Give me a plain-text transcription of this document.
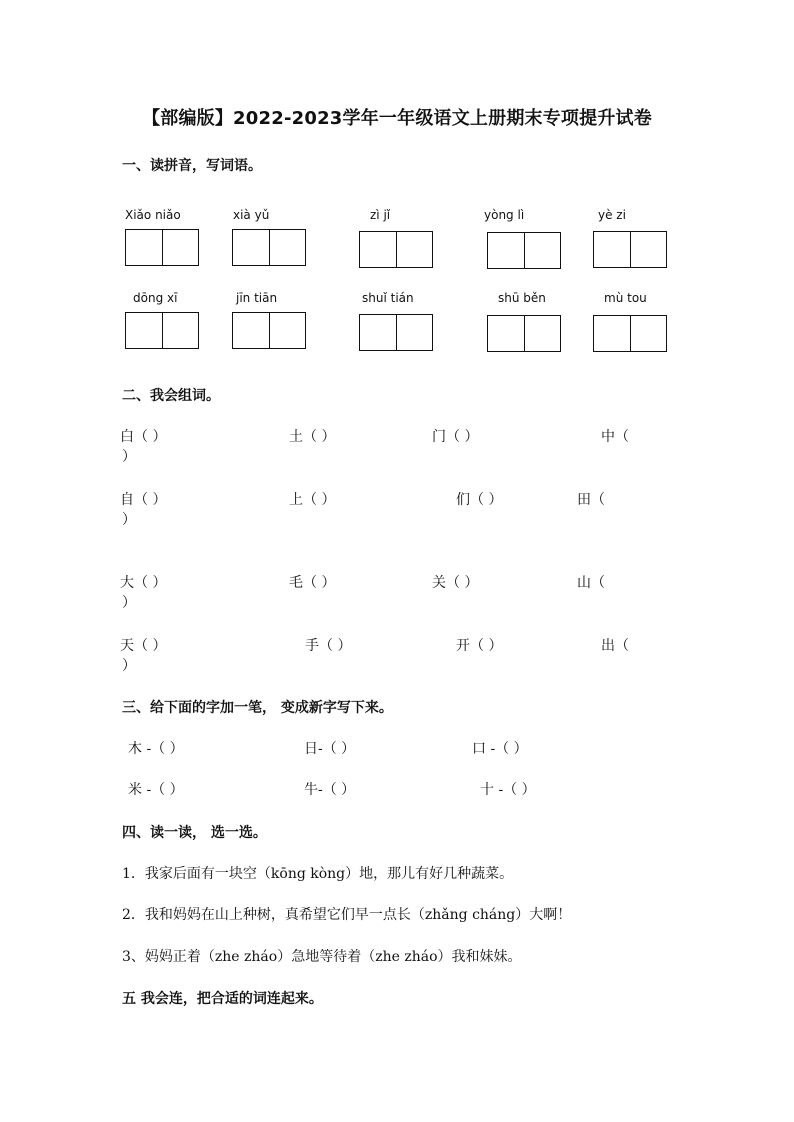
【部编版】2022-2023学年一年级语文上册期末专项提升试卷
一、读拼音，写词语。
Xiǎo niǎo	xià yǔ	zì jǐ	yòng lì	yè zi
dōng xī	jīn tiān	shuǐ tián	shū běn	mù tou
二、我会组词。
白（ ）	土（ ）	门（ ）	中（
）
自（ ）	上（ ）	们（ ）	田（
）
大（ ）	毛（ ）	关（ ）	山（
）
天（ ）	手（ ）	开（ ）	出（
）
三、给下面的字加一笔， 变成新字写下来。
木 -（ ）	日-（ ）	口 -（ ）
米 -（ ）	牛-（ ）	十 -（ ）
四、读一读， 选一选。
1．我家后面有一块空（kōng kòng）地，那儿有好几种蔬菜。
2．我和妈妈在山上种树，真希望它们早一点长（zhǎng cháng）大啊！
3、妈妈正着（zhe zháo）急地等待着（zhe zháo）我和妹妹。
五 我会连，把合适的词连起来。
